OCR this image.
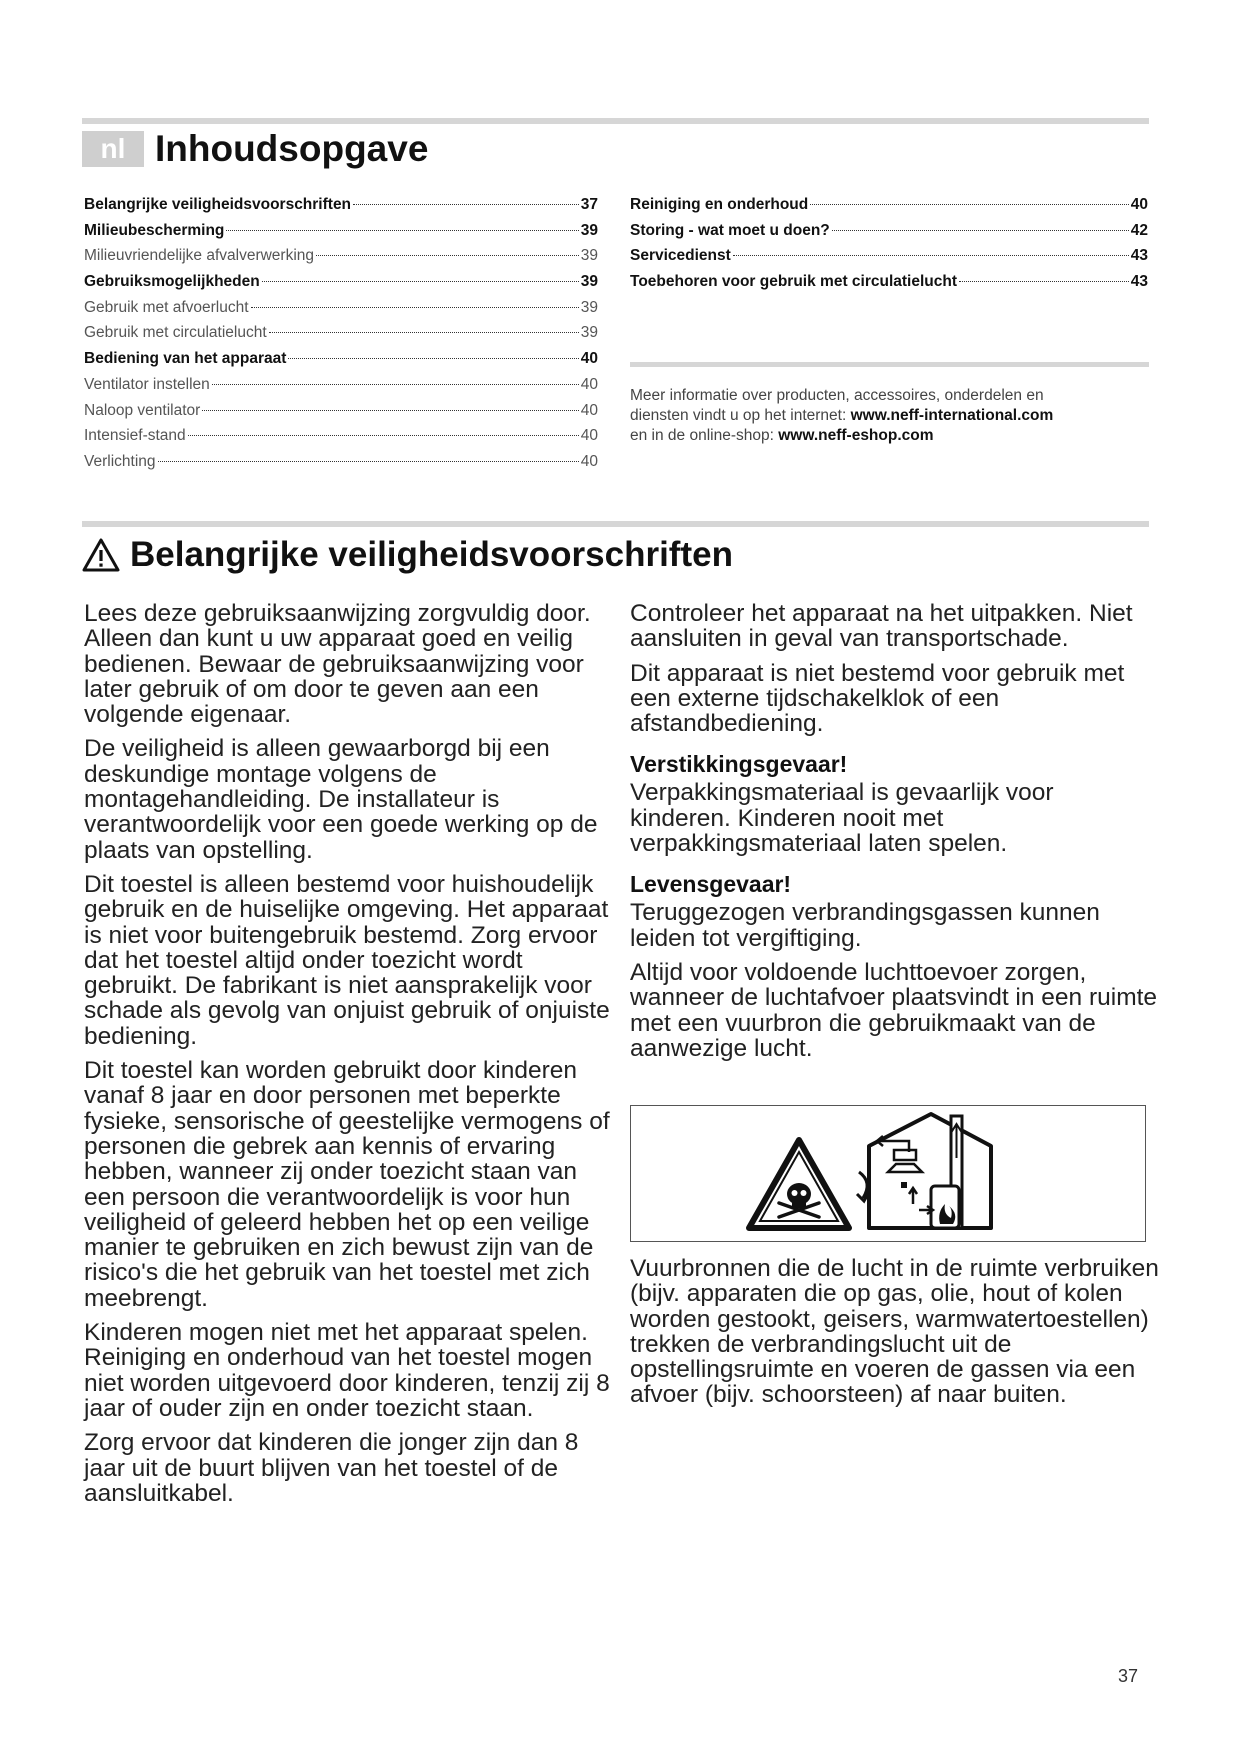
nl Inhoudsopgave
Belangrijke veiligheidsvoorschriften	37
Milieubescherming	39
Milieuvriendelijke afvalverwerking	39
Gebruiksmogelijkheden	39
Gebruik met afvoerlucht	39
Gebruik met circulatielucht	39
Bediening van het apparaat	40
Ventilator instellen	40
Naloop ventilator	40
Intensief-stand	40
Verlichting	40
Reiniging en onderhoud	40
Storing - wat moet u doen?	42
Servicedienst	43
Toebehoren voor gebruik met circulatielucht	43
Meer informatie over producten, accessoires, onderdelen en
diensten vindt u op het internet: www.neff-international.com
en in de online-shop: www.neff-eshop.com
Belangrijke veiligheidsvoorschriften

Lees deze gebruiksaanwijzing zorgvuldig door. Alleen dan kunt u uw apparaat goed en veilig bedienen. Bewaar de gebruiksaanwijzing voor later gebruik of om door te geven aan een volgende eigenaar.

De veiligheid is alleen gewaarborgd bij een deskundige montage volgens de montagehandleiding. De installateur is verantwoordelijk voor een goede werking op de plaats van opstelling.

Dit toestel is alleen bestemd voor huishoudelijk gebruik en de huiselijke omgeving. Het apparaat is niet voor buitengebruik bestemd. Zorg ervoor dat het toestel altijd onder toezicht wordt gebruikt. De fabrikant is niet aansprakelijk voor schade als gevolg van onjuist gebruik of onjuiste bediening.

Dit toestel kan worden gebruikt door kinderen vanaf 8 jaar en door personen met beperkte fysieke, sensorische of geestelijke vermogens of personen die gebrek aan kennis of ervaring hebben, wanneer zij onder toezicht staan van een persoon die verantwoordelijk is voor hun veiligheid of geleerd hebben het op een veilige manier te gebruiken en zich bewust zijn van de risico's die het gebruik van het toestel met zich meebrengt.

Kinderen mogen niet met het apparaat spelen. Reiniging en onderhoud van het toestel mogen niet worden uitgevoerd door kinderen, tenzij zij 8 jaar of ouder zijn en onder toezicht staan.

Zorg ervoor dat kinderen die jonger zijn dan 8 jaar uit de buurt blijven van het toestel of de aansluitkabel.

Controleer het apparaat na het uitpakken. Niet aansluiten in geval van transportschade.

Dit apparaat is niet bestemd voor gebruik met een externe tijdschakelklok of een afstandbediening.

Verstikkingsgevaar!

Verpakkingsmateriaal is gevaarlijk voor kinderen. Kinderen nooit met verpakkingsmateriaal laten spelen.

Levensgevaar!

Teruggezogen verbrandingsgassen kunnen leiden tot vergiftiging.

Altijd voor voldoende luchttoevoer zorgen, wanneer de luchtafvoer plaatsvindt in een ruimte met een vuurbron die gebruikmaakt van de aanwezige lucht.

Vuurbronnen die de lucht in de ruimte verbruiken (bijv. apparaten die op gas, olie, hout of kolen worden gestookt, geisers, warmwatertoestellen) trekken de verbrandingslucht uit de opstellingsruimte en voeren de gassen via een afvoer (bijv. schoorsteen) af naar buiten.

37
